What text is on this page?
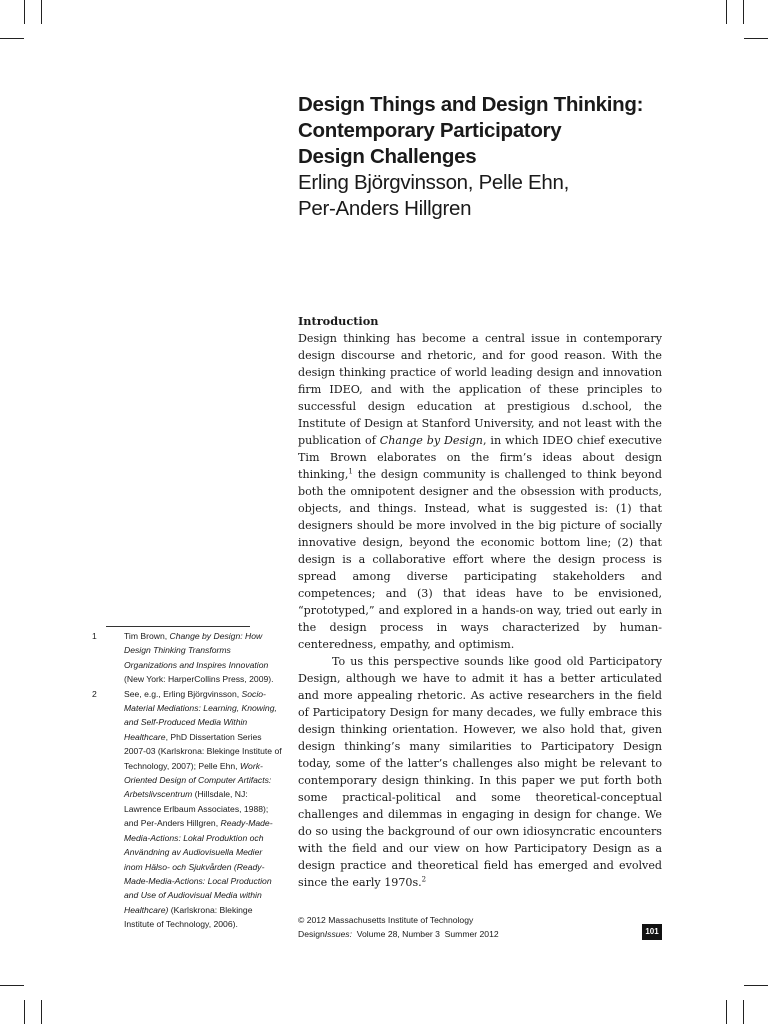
Design Things and Design Thinking:
Contemporary Participatory
Design Challenges

Erling Björgvinsson, Pelle Ehn,
Per-Anders Hillgren

Introduction

Design thinking has become a central issue in contemporary design discourse and rhetoric, and for good reason. With the design thinking practice of world leading design and innovation firm IDEO, and with the application of these principles to successful design education at prestigious d.school, the Institute of Design at Stanford University, and not least with the publication of Change by Design, in which IDEO chief executive Tim Brown elaborates on the firm’s ideas about design thinking,$^1$ the design community is challenged to think beyond both the omnipotent designer and the obsession with products, objects, and things. Instead, what is suggested is: (1) that designers should be more involved in the big picture of socially innovative design, beyond the economic bottom line; (2) that design is a collaborative effort where the design process is spread among diverse participating stakeholders and competences; and (3) that ideas have to be envisioned, “prototyped,” and explored in a hands-on way, tried out early in the design process in ways characterized by human-centeredness, empathy, and optimism.

To us this perspective sounds like good old Participatory Design, although we have to admit it has a better articulated and more appealing rhetoric. As active researchers in the field of Participatory Design for many decades, we fully embrace this design thinking orientation. However, we also hold that, given design thinking’s many similarities to Participatory Design today, some of the latter’s challenges also might be relevant to contemporary design thinking. In this paper we put forth both some practical-political and some theoretical-conceptual challenges and dilemmas in engaging in design for change. We do so using the background of our own idiosyncratic encounters with the field and our view on how Participatory Design as a design practice and theoretical field has emerged and evolved since the early 1970s.$^2$

1	Tim Brown, Change by Design: How Design Thinking Transforms Organizations and Inspires Innovation (New York: HarperCollins Press, 2009).
2	See, e.g., Erling Björgvinsson, Socio-Material Mediations: Learning, Knowing, and Self-Produced Media Within Healthcare, PhD Dissertation Series 2007-03 (Karlskrona: Blekinge Institute of Technology, 2007); Pelle Ehn, Work-Oriented Design of Computer Artifacts: Arbetslivscentrum (Hillsdale, NJ: Lawrence Erlbaum Associates, 1988); and Per-Anders Hillgren, Ready-Made-Media-Actions: Lokal Produktion och Användning av Audiovisuella Medier inom Hälso- och Sjukvården (Ready-Made-Media-Actions: Local Production and Use of Audiovisual Media within Healthcare) (Karlskrona: Blekinge Institute of Technology, 2006).	© 2012 Massachusetts Institute of Technology
DesignIssues:  Volume 28, Number 3  Summer 2012	101
